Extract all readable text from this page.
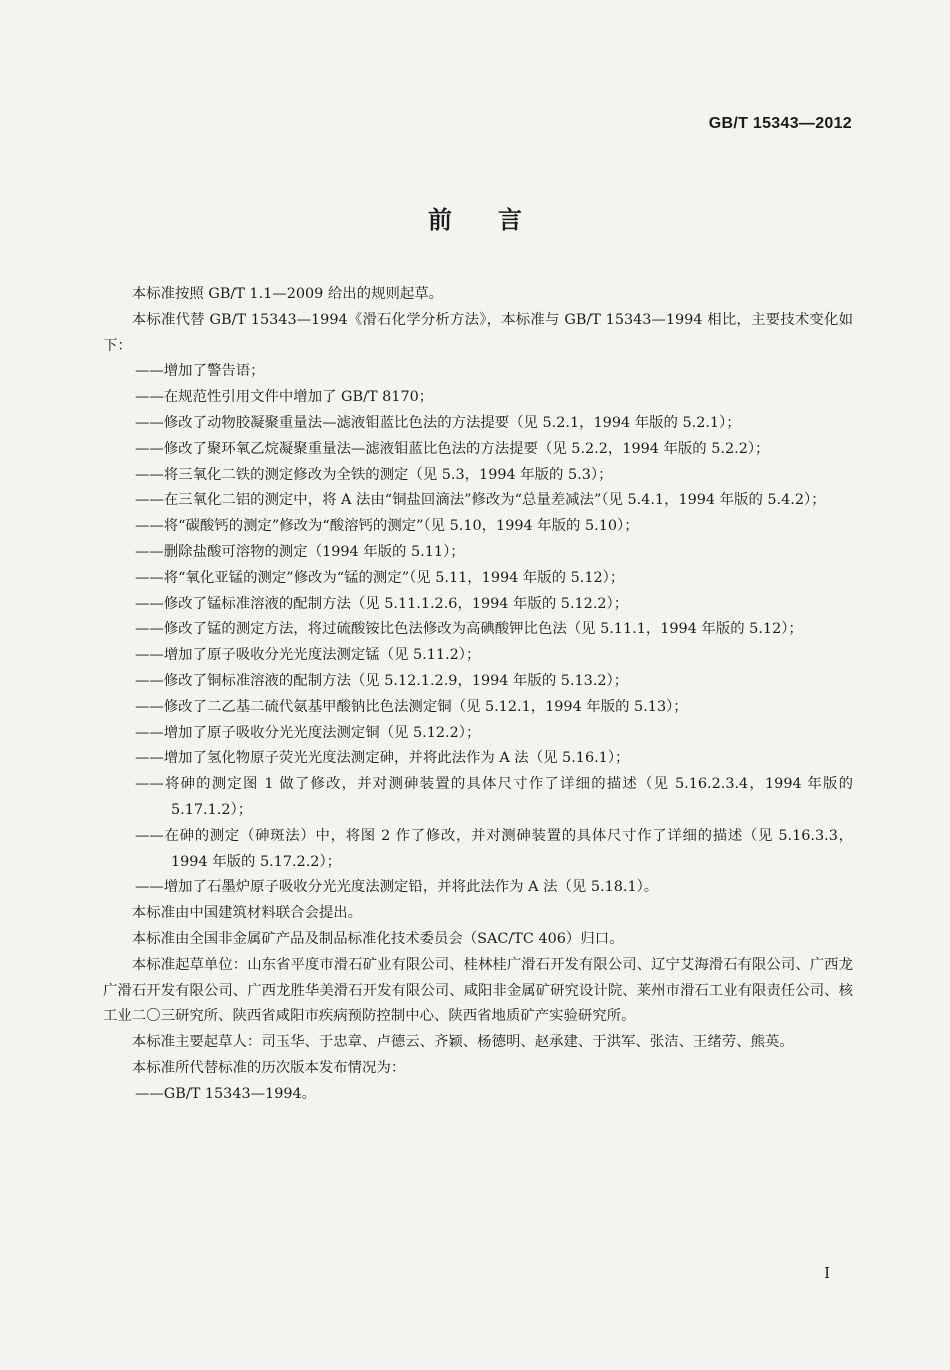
GB/T 15343—2012
前言

本标准按照 GB/T 1.1—2009 给出的规则起草。

本标准代替 GB/T 15343—1994《滑石化学分析方法》，本标准与 GB/T 15343—1994 相比，主要技术变化如下：

——增加了警告语；

——在规范性引用文件中增加了 GB/T 8170；

——修改了动物胶凝聚重量法—滤液钼蓝比色法的方法提要（见 5.2.1，1994 年版的 5.2.1）；

——修改了聚环氧乙烷凝聚重量法—滤液钼蓝比色法的方法提要（见 5.2.2，1994 年版的 5.2.2）；

——将三氧化二铁的测定修改为全铁的测定（见 5.3，1994 年版的 5.3）；

——在三氧化二铝的测定中，将 A 法由“铜盐回滴法”修改为“总量差减法”（见 5.4.1，1994 年版的 5.4.2）；

——将“碳酸钙的测定”修改为“酸溶钙的测定”（见 5.10，1994 年版的 5.10）；

——删除盐酸可溶物的测定（1994 年版的 5.11）；

——将“氧化亚锰的测定”修改为“锰的测定”（见 5.11，1994 年版的 5.12）；

——修改了锰标准溶液的配制方法（见 5.11.1.2.6，1994 年版的 5.12.2）；

——修改了锰的测定方法，将过硫酸铵比色法修改为高碘酸钾比色法（见 5.11.1，1994 年版的 5.12）；

——增加了原子吸收分光光度法测定锰（见 5.11.2）；

——修改了铜标准溶液的配制方法（见 5.12.1.2.9，1994 年版的 5.13.2）；

——修改了二乙基二硫代氨基甲酸钠比色法测定铜（见 5.12.1，1994 年版的 5.13）；

——增加了原子吸收分光光度法测定铜（见 5.12.2）；

——增加了氢化物原子荧光光度法测定砷，并将此法作为 A 法（见 5.16.1）；

——将砷的测定图 1 做了修改，并对测砷装置的具体尺寸作了详细的描述（见 5.16.2.3.4，1994 年版的 5.17.1.2）；

——在砷的测定（砷斑法）中，将图 2 作了修改，并对测砷装置的具体尺寸作了详细的描述（见 5.16.3.3，1994 年版的 5.17.2.2）；

——增加了石墨炉原子吸收分光光度法测定铅，并将此法作为 A 法（见 5.18.1）。

本标准由中国建筑材料联合会提出。

本标准由全国非金属矿产品及制品标准化技术委员会（SAC/TC 406）归口。

本标准起草单位：山东省平度市滑石矿业有限公司、桂林桂广滑石开发有限公司、辽宁艾海滑石有限公司、广西龙广滑石开发有限公司、广西龙胜华美滑石开发有限公司、咸阳非金属矿研究设计院、莱州市滑石工业有限责任公司、核工业二〇三研究所、陕西省咸阳市疾病预防控制中心、陕西省地质矿产实验研究所。

本标准主要起草人：司玉华、于忠章、卢德云、齐颖、杨德明、赵承建、于洪军、张洁、王绪劳、熊英。

本标准所代替标准的历次版本发布情况为：

——GB/T 15343—1994。

I
